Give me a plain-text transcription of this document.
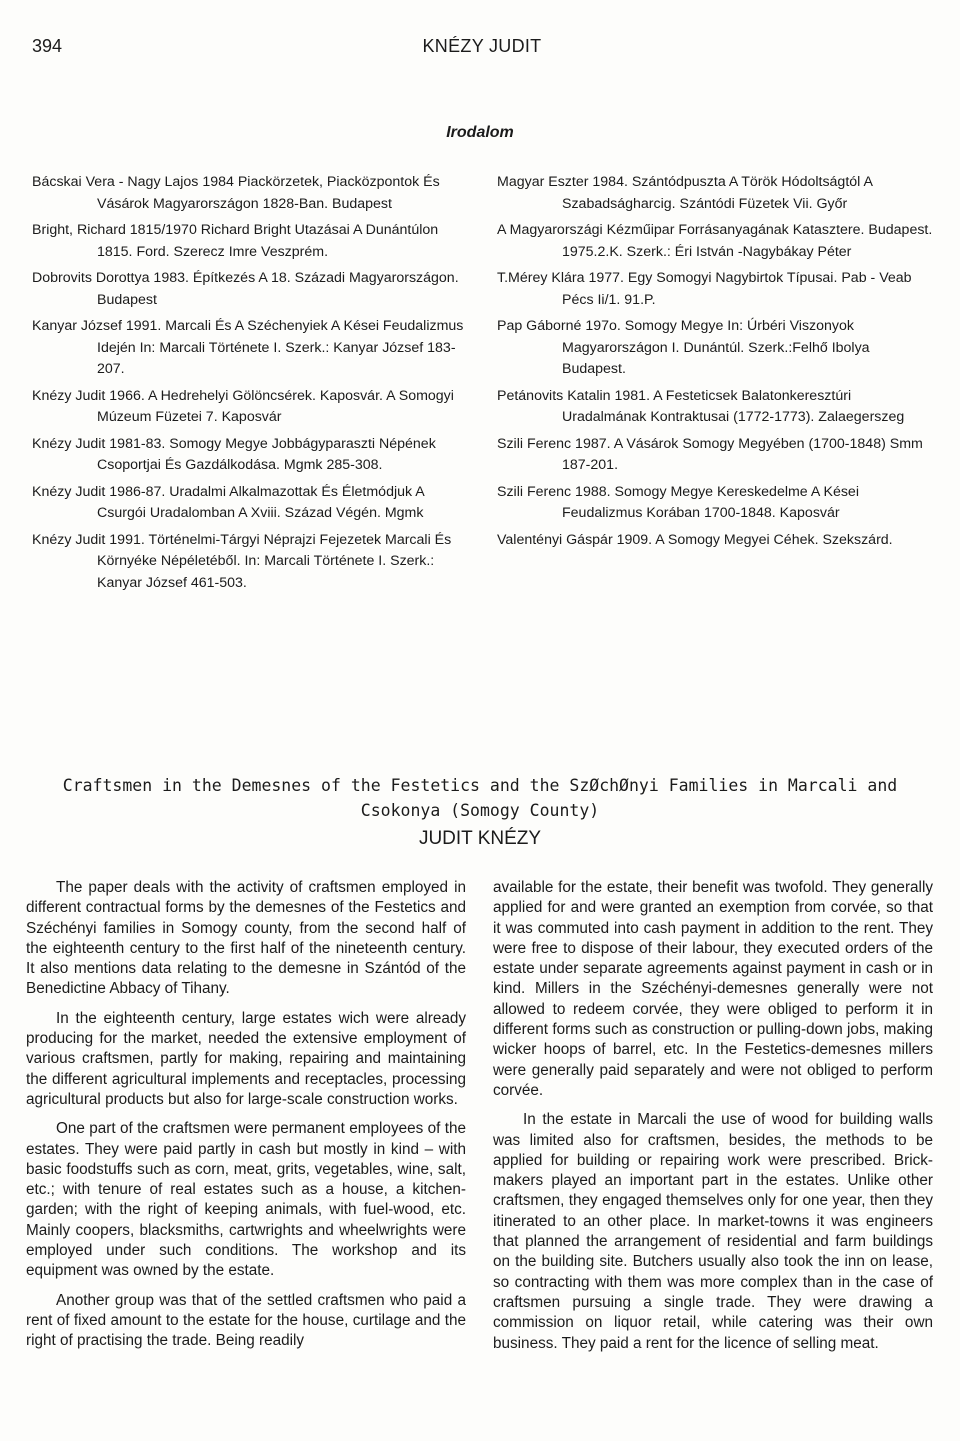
394	KNÉZY JUDIT
Irodalom

Bácskai Vera - Nagy Lajos 1984 Piackörzetek, Piacközpontok És Vásárok Magyarországon 1828-Ban. Budapest

Bright, Richard 1815/1970 Richard Bright Utazásai A Dunántúlon 1815. Ford. Szerecz Imre Veszprém.

Dobrovits Dorottya 1983. Építkezés A 18. Századi Magyarországon. Budapest

Kanyar József 1991. Marcali És A Széchenyiek A Kései Feudalizmus Idején In: Marcali Története I. Szerk.: Kanyar József 183-207.

Knézy Judit 1966. A Hedrehelyi Gölöncsérek. Kaposvár. A Somogyi Múzeum Füzetei 7. Kaposvár

Knézy Judit 1981-83. Somogy Megye Jobbágyparaszti Népének Csoportjai És Gazdálkodása. Mgmk 285-308.

Knézy Judit 1986-87. Uradalmi Alkalmazottak És Életmódjuk A Csurgói Uradalomban A Xviii. Század Végén. Mgmk

Knézy Judit 1991. Történelmi-Tárgyi Néprajzi Fejezetek Marcali És Környéke Népéletéből. In: Marcali Története I. Szerk.: Kanyar József 461-503.

Magyar Eszter 1984. Szántódpuszta A Török Hódoltságtól A Szabadságharcig. Szántódi Füzetek Vii. Győr

A Magyarországi Kézműipar Forrásanyagának Katasztere. Budapest. 1975.2.K. Szerk.: Éri István -Nagybákay Péter

T.Mérey Klára 1977. Egy Somogyi Nagybirtok Típusai. Pab - Veab Pécs Ii/1. 91.P.

Pap Gáborné 197o. Somogy Megye In: Úrbéri Viszonyok Magyarországon I. Dunántúl. Szerk.:Felhő Ibolya Budapest.

Petánovits Katalin 1981. A Festeticsek Balatonkeresztúri Uradalmának Kontraktusai (1772-1773). Zalaegerszeg

Szili Ferenc 1987. A Vásárok Somogy Megyében (1700-1848) Smm 187-201.

Szili Ferenc 1988. Somogy Megye Kereskedelme A Kései Feudalizmus Korában 1700-1848. Kaposvár

Valentényi Gáspár 1909. A Somogy Megyei Céhek. Szekszárd.

Craftsmen in the Demesnes of the Festetics and the SzØchØnyi Families in Marcali and Csokonya (Somogy County)
JUDIT KNÉZY

The paper deals with the activity of craftsmen employed in different contractual forms by the demesnes of the Festetics and Széchényi families in Somogy county, from the second half of the eighteenth century to the first half of the nineteenth century. It also mentions data relating to the demesne in Szántód of the Benedictine Abbacy of Tihany.

In the eighteenth century, large estates wich were already producing for the market, needed the extensive employment of various craftsmen, partly for making, repairing and maintaining the different agricultural implements and receptacles, processing agricultural products but also for large-scale construction works.

One part of the craftsmen were permanent employees of the estates. They were paid partly in cash but mostly in kind – with basic foodstuffs such as corn, meat, grits, vegetables, wine, salt, etc.; with tenure of real estates such as a house, a kitchen-garden; with the right of keeping animals, with fuel-wood, etc. Mainly coopers, blacksmiths, cartwrights and wheelwrights were employed under such conditions. The workshop and its equipment was owned by the estate.

Another group was that of the settled craftsmen who paid a rent of fixed amount to the estate for the house, curtilage and the right of practising the trade. Being readily

available for the estate, their benefit was twofold. They generally applied for and were granted an exemption from corvée, so that it was commuted into cash payment in addition to the rent. They were free to dispose of their labour, they executed orders of the estate under separate agreements against payment in cash or in kind. Millers in the Széchényi-demesnes generally were not allowed to redeem corvée, they were obliged to perform it in different forms such as construction or pulling-down jobs, making wicker hoops of barrel, etc. In the Festetics-demesnes millers were generally paid separately and were not obliged to perform corvée.

In the estate in Marcali the use of wood for building walls was limited also for craftsmen, besides, the methods to be applied for building or repairing work were prescribed. Brick-makers played an important part in the estates. Unlike other craftsmen, they engaged themselves only for one year, then they itinerated to an other place. In market-towns it was engineers that planned the arrangement of residential and farm buildings on the building site. Butchers usually also took the inn on lease, so contracting with them was more complex than in the case of craftsmen pursuing a single trade. They were drawing a commission on liquor retail, while catering was their own business. They paid a rent for the licence of selling meat.
